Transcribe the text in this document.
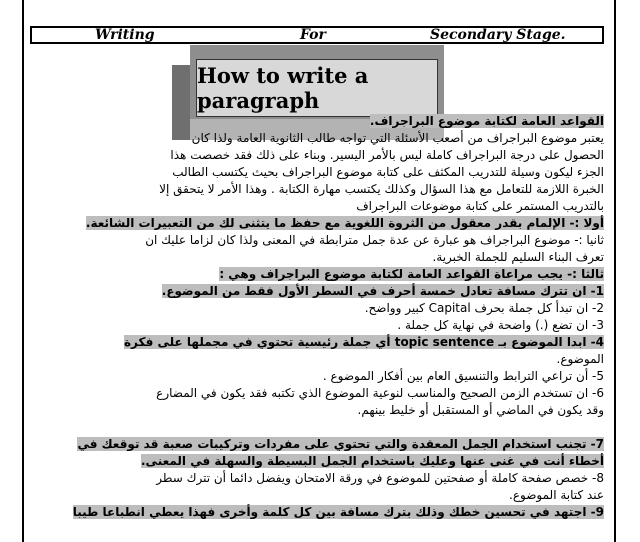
Writing	For	Secondary Stage.
How to write a paragraph
القواعد العامة لكتابة موضوع البراجراف.
يعتبر موضوع البراجراف من أصعب الأسئلة التي تواجه طالب الثانوية العامة ولذا كان
الحصول على درجة البراجراف كاملة ليس بالأمر اليسير. وبناء على ذلك فقد خصصت هذا
الجزء ليكون وسيلة للتدريب المكثف على كتابة موضوع البراجراف بحيث يكتسب الطالب
الخبرة اللازمة للتعامل مع هذا السؤال وكذلك يكتسب مهارة الكتابة . وهذا الأمر لا يتحقق إلا
بالتدريب المستمر على كتابة موضوعات البراجراف
أولا :- الإلمام بقدر معقول من الثروة اللغوية مع حفظ ما يتثنى لك من التعبيرات الشائعة.
ثانيا :- موضوع البراجراف هو عبارة عن عدة جمل مترابطة في المعنى ولذا كان لزاما عليك ان
تعرف البناء السليم للجملة الخبرية.
ثالثا :- يجب مراعاة القواعد العامة لكتابة موضوع البراجراف وهي :
1- ان تترك مسافة تعادل خمسة أحرف في السطر الأول فقط من الموضوع.
2- ان تبدأ كل جملة بحرف Capital كبير وواضح.
3- ان تضع (.) واضحة في نهاية كل جملة .
4- ابدا الموضوع بـ topic sentence أي جملة رئيسية تحتوي في مجملها على فكرة
الموضوع.
5- أن تراعي الترابط والتنسيق العام بين أفكار الموضوع .
6- ان تستخدم الزمن الصحيح والمناسب لنوعية الموضوع الذي تكتبه فقد يكون في المضارع
وقد يكون في الماضي أو المستقبل أو خليط بينهم.
7- تجنب استخدام الجمل المعقدة والتي تحتوي على مفردات وتركيبات صعبة قد توقعك في
أخطاء أنت في غنى عنها وعليك باستخدام الجمل البسيطة والسهلة في المعنى.
8- خصص صفحة كاملة أو صفحتين للموضوع في ورقة الامتحان ويفضل دائما أن تترك سطر
عند كتابة الموضوع.
9- اجتهد في تحسين خطك وذلك بترك مسافة بين كل كلمة وأخرى فهذا يعطي انطباعا طيبا
